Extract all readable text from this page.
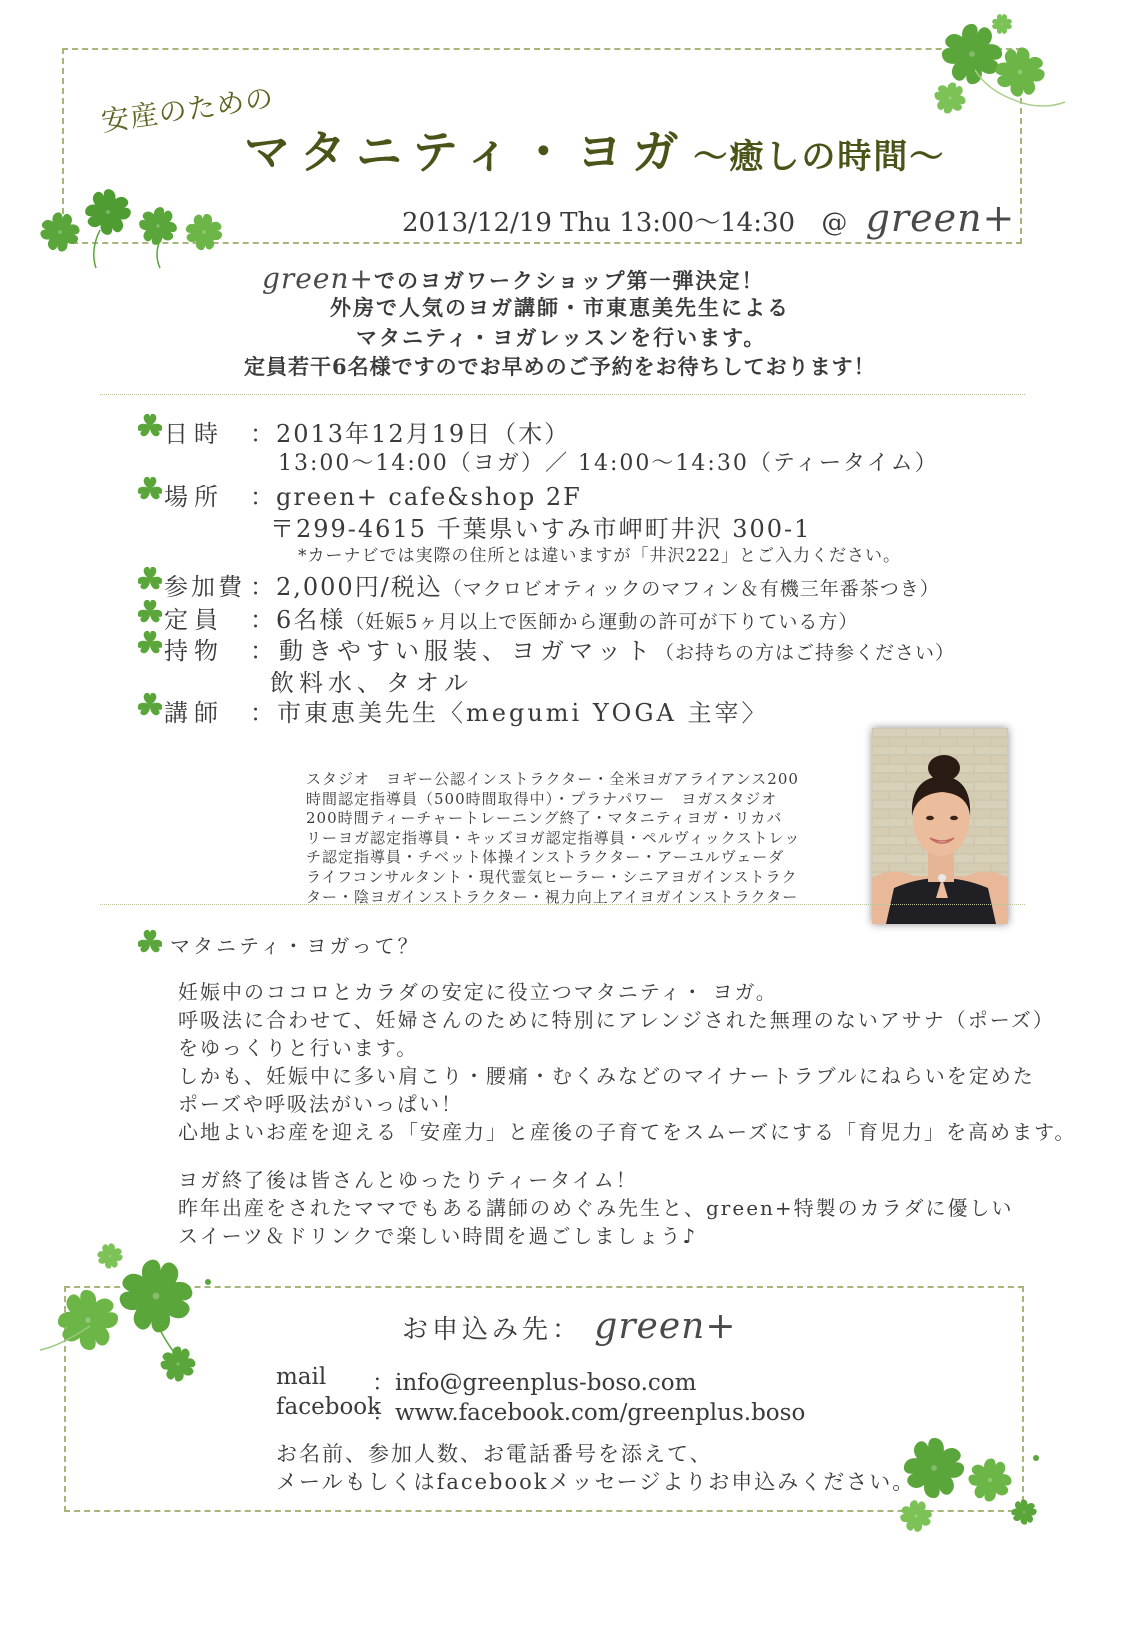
安産のための
マタニティ・ヨガ 〜癒しの時間〜
2013/12/19 Thu 13:00〜14:30 @ green+
green+でのヨガワークショップ第一弾決定！
外房で人気のヨガ講師・市東恵美先生による
マタニティ・ヨガレッスンを行います。
定員若干6名様ですのでお早めのご予約をお待ちしております！
日時 ：2013年12月19日（木）
13:00〜14:00（ヨガ）／ 14:00〜14:30（ティータイム）
場所 ：green+ cafe&shop 2F
〒299-4615 千葉県いすみ市岬町井沢 300-1
*カーナビでは実際の住所とは違いますが「井沢222」とご入力ください。
参加費 ：2,000円/税込（マクロビオティックのマフィン＆有機三年番茶つき）
定員 ：6名様（妊娠5ヶ月以上で医師から運動の許可が下りている方）
持物 ：動きやすい服装、ヨガマット（お持ちの方はご持参ください）
飲料水、タオル
講師 ：市東恵美先生〈megumi YOGA 主宰〉
スタジオ　ヨギー公認インストラクター・全米ヨガアライアンス200
時間認定指導員（500時間取得中）・プラナパワー　ヨガスタジオ
200時間ティーチャートレーニング終了・マタニティヨガ・リカバ
リーヨガ認定指導員・キッズヨガ認定指導員・ペルヴィックストレッ
チ認定指導員・チベット体操インストラクター・アーユルヴェーダ
ライフコンサルタント・現代霊気ヒーラー・シニアヨガインストラク
ター・陰ヨガインストラクター・視力向上アイヨガインストラクター
マタニティ・ヨガって？
妊娠中のココロとカラダの安定に役立つマタニティ・ ヨガ。
呼吸法に合わせて、妊婦さんのために特別にアレンジされた無理のないアサナ（ポーズ）
をゆっくりと行います。
しかも、妊娠中に多い肩こり・腰痛・むくみなどのマイナートラブルにねらいを定めた
ポーズや呼吸法がいっぱい！
心地よいお産を迎える「安産力」と産後の子育てをスムーズにする「育児力」を高めます。
ヨガ終了後は皆さんとゆったりティータイム！
昨年出産をされたママでもある講師のめぐみ先生と、green+特製のカラダに優しい
スイーツ＆ドリンクで楽しい時間を過ごしましょう♪
お申込み先： green+
mail ：info@greenplus-boso.com
facebook
：www.facebook.com/greenplus.boso
お名前、参加人数、お電話番号を添えて、
メールもしくはfacebookメッセージよりお申込みください。
